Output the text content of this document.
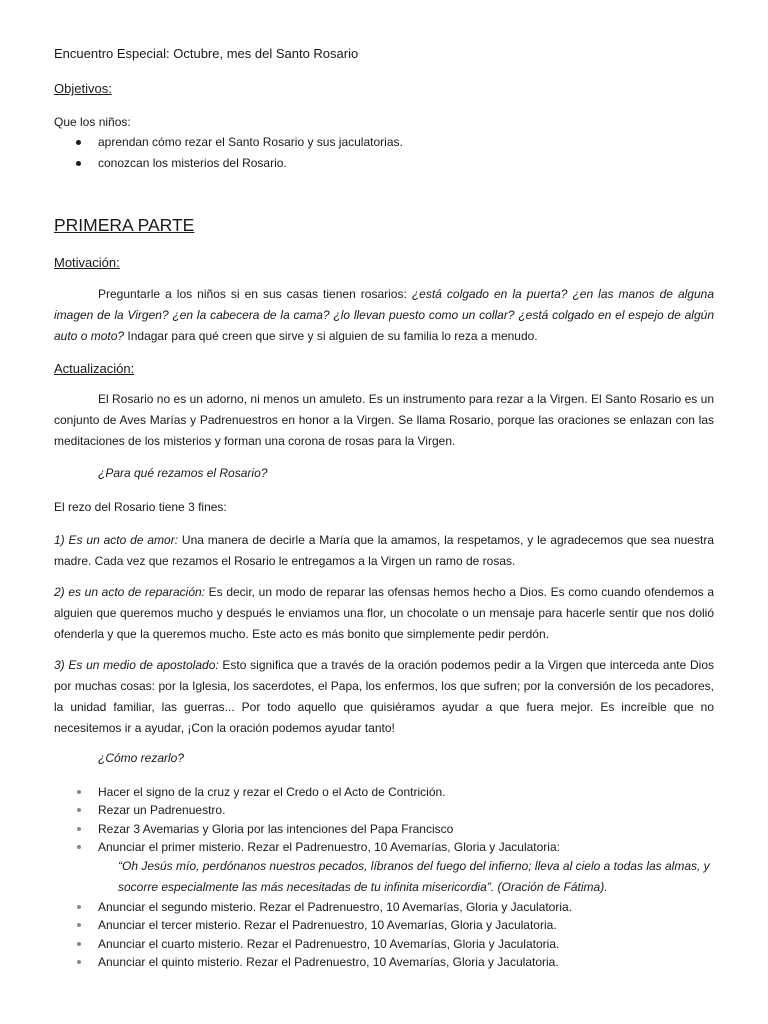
Encuentro Especial: Octubre, mes del Santo Rosario
Objetivos:
Que los niños:
aprendan cómo rezar el Santo Rosario y sus jaculatorias.
conozcan los misterios del Rosario.
PRIMERA PARTE
Motivación:

Preguntarle a los niños si en sus casas tienen rosarios: ¿está colgado en la puerta? ¿en las manos de alguna imagen de la Virgen? ¿en la cabecera de la cama? ¿lo llevan puesto como un collar? ¿está colgado en el espejo de algún auto o moto? Indagar para qué creen que sirve y si alguien de su familia lo reza a menudo.

Actualización:

El Rosario no es un adorno, ni menos un amuleto. Es un instrumento para rezar a la Virgen. El Santo Rosario es un conjunto de Aves Marías y Padrenuestros en honor a la Virgen. Se llama Rosario, porque las oraciones se enlazan con las meditaciones de los misterios y forman una corona de rosas para la Virgen.

¿Para qué rezamos el Rosario?

El rezo del Rosario tiene 3 fines:

1) Es un acto de amor: Una manera de decirle a María que la amamos, la respetamos, y le agradecemos que sea nuestra madre. Cada vez que rezamos el Rosario le entregamos a la Virgen un ramo de rosas.

2) es un acto de reparación: Es decir, un modo de reparar las ofensas hemos hecho a Dios. Es como cuando ofendemos a alguien que queremos mucho y después le enviamos una flor, un chocolate o un mensaje para hacerle sentir que nos dolió ofenderla y que la queremos mucho. Este acto es más bonito que simplemente pedir perdón.

3) Es un medio de apostolado: Esto significa que a través de la oración podemos pedir a la Virgen que interceda ante Dios por muchas cosas: por la Iglesia, los sacerdotes, el Papa, los enfermos, los que sufren; por la conversión de los pecadores, la unidad familiar, las guerras... Por todo aquello que quisiéramos ayudar a que fuera mejor. Es increíble que no necesitemos ir a ayudar, ¡Con la oración podemos ayudar tanto!

¿Cómo rezarlo?

Hacer el signo de la cruz y rezar el Credo o el Acto de Contrición.
Rezar un Padrenuestro.
Rezar 3 Avemarias y Gloria por las intenciones del Papa Francisco
Anunciar el primer misterio. Rezar el Padrenuestro, 10 Avemarías, Gloria y Jaculatoria:
“Oh Jesús mío, perdónanos nuestros pecados, líbranos del fuego del infierno; lleva al cielo a todas las almas, y socorre especialmente las más necesitadas de tu infinita misericordia”. (Oración de Fátima).
Anunciar el segundo misterio. Rezar el Padrenuestro, 10 Avemarías, Gloria y Jaculatoria.
Anunciar el tercer misterio. Rezar el Padrenuestro, 10 Avemarías, Gloria y Jaculatoria.
Anunciar el cuarto misterio. Rezar el Padrenuestro, 10 Avemarías, Gloria y Jaculatoria.
Anunciar el quinto misterio. Rezar el Padrenuestro, 10 Avemarías, Gloria y Jaculatoria.
